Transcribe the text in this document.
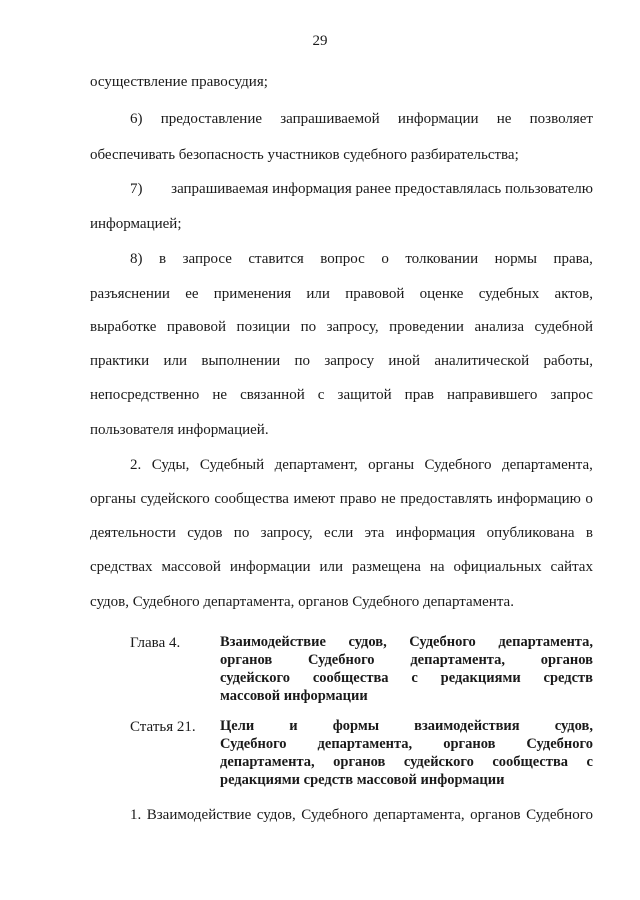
29
осуществление правосудия;
6) предоставление запрашиваемой информации не позволяет
обеспечивать безопасность участников судебного разбирательства;
7) запрашиваемая информация ранее предоставлялась пользователю
информацией;
8) в запросе ставится вопрос о толковании нормы права,
разъяснении ее применения или правовой оценке судебных актов,
выработке правовой позиции по запросу, проведении анализа судебной
практики или выполнении по запросу иной аналитической работы,
непосредственно не связанной с защитой прав направившего запрос
пользователя информацией.
2. Суды, Судебный департамент, органы Судебного департамента,
органы судейского сообщества имеют право не предоставлять информацию о
деятельности судов по запросу, если эта информация опубликована в
средствах массовой информации или размещена на официальных сайтах
судов, Судебного департамента, органов Судебного департамента.
Глава 4.	Взаимодействие судов, Судебного департамента,
органов Судебного департамента, органов
судейского сообщества с редакциями средств
массовой информации
Статья 21. Цели и формы взаимодействия судов,
Судебного департамента, органов Судебного
департамента, органов судейского сообщества с
редакциями средств массовой информации
1. Взаимодействие судов, Судебного департамента, органов Судебного
